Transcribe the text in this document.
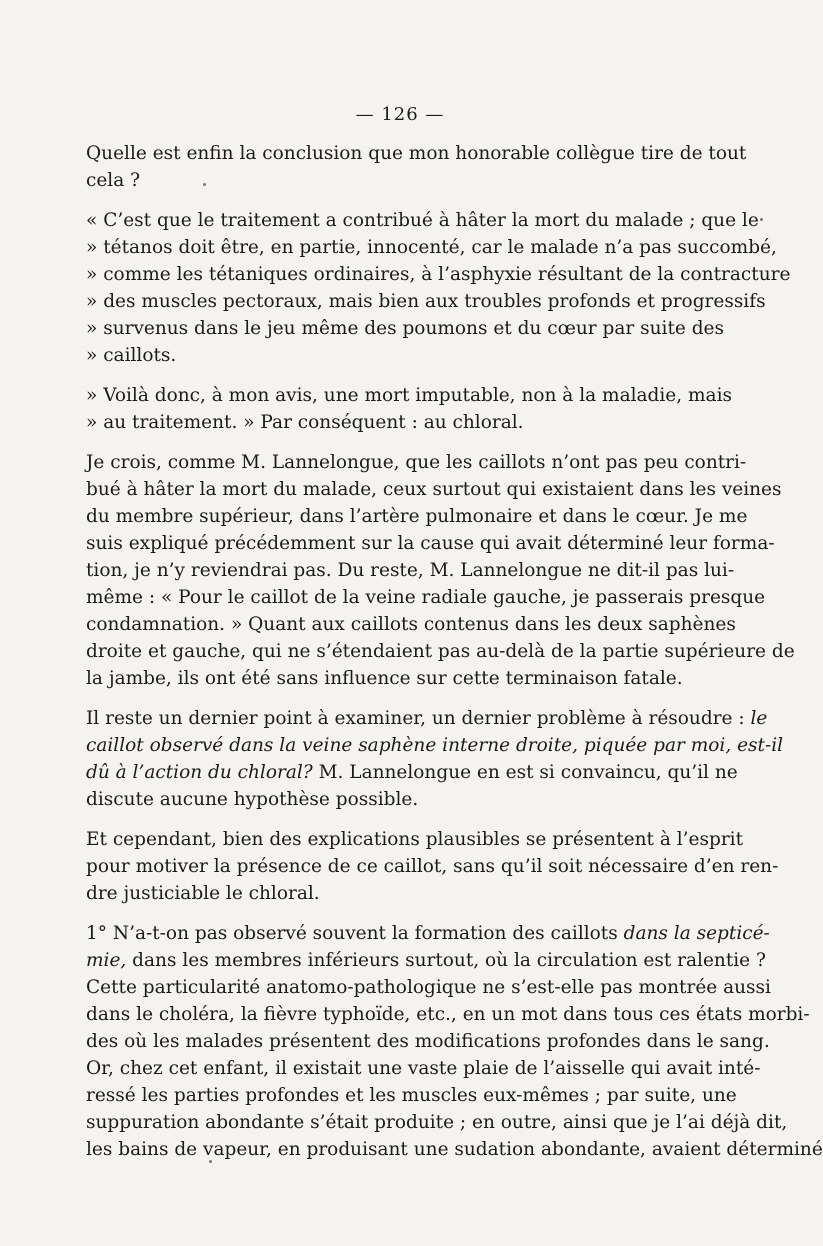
— 126 —

Quelle est enfin la conclusion que mon honorable collègue tire de tout
cela ?

« C’est que le traitement a contribué à hâter la mort du malade ; que le
» tétanos doit être, en partie, innocenté, car le malade n’a pas succombé,
» comme les tétaniques ordinaires, à l’asphyxie résultant de la contracture
» des muscles pectoraux, mais bien aux troubles profonds et progressifs
» survenus dans le jeu même des poumons et du cœur par suite des
» caillots.

» Voilà donc, à mon avis, une mort imputable, non à la maladie, mais
» au traitement. » Par conséquent : au chloral.

Je crois, comme M. Lannelongue, que les caillots n’ont pas peu contri-
bué à hâter la mort du malade, ceux surtout qui existaient dans les veines
du membre supérieur, dans l’artère pulmonaire et dans le cœur. Je me
suis expliqué précédemment sur la cause qui avait déterminé leur forma-
tion, je n’y reviendrai pas. Du reste, M. Lannelongue ne dit-il pas lui-
même : « Pour le caillot de la veine radiale gauche, je passerais presque
condamnation. » Quant aux caillots contenus dans les deux saphènes
droite et gauche, qui ne s’étendaient pas au-delà de la partie supérieure de
la jambe, ils ont été sans influence sur cette terminaison fatale.

Il reste un dernier point à examiner, un dernier problème à résoudre : le
caillot observé dans la veine saphène interne droite, piquée par moi, est-il
dû à l’action du chloral? M. Lannelongue en est si convaincu, qu’il ne
discute aucune hypothèse possible.

Et cependant, bien des explications plausibles se présentent à l’esprit
pour motiver la présence de ce caillot, sans qu’il soit nécessaire d’en ren-
dre justiciable le chloral.

1° N’a-t-on pas observé souvent la formation des caillots dans la septicé-
mie, dans les membres inférieurs surtout, où la circulation est ralentie ?
Cette particularité anatomo-pathologique ne s’est-elle pas montrée aussi
dans le choléra, la fièvre typhoïde, etc., en un mot dans tous ces états morbi-
des où les malades présentent des modifications profondes dans le sang.
Or, chez cet enfant, il existait une vaste plaie de l’aisselle qui avait inté-
ressé les parties profondes et les muscles eux-mêmes ; par suite, une
suppuration abondante s’était produite ; en outre, ainsi que je l’ai déjà dit,
les bains de vapeur, en produisant une sudation abondante, avaient déterminé
